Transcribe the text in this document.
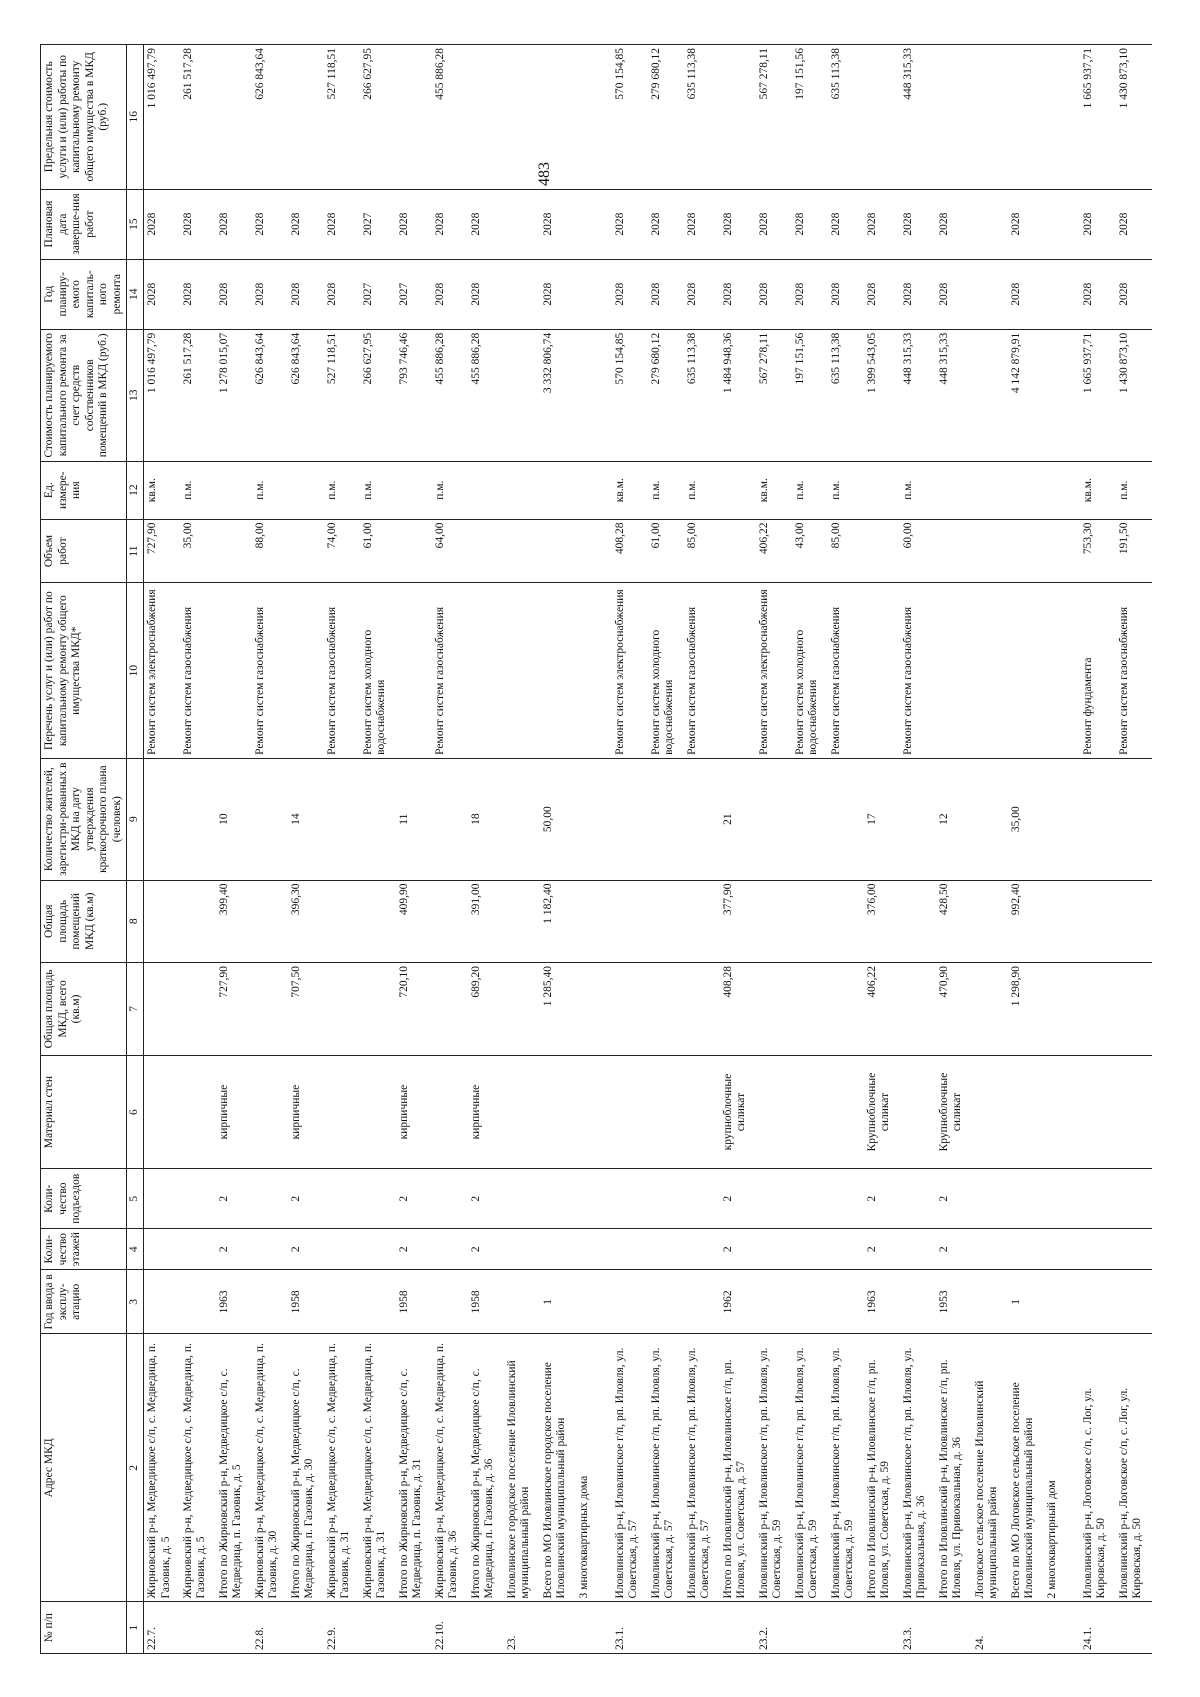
483
№ п/п	Адрес МКД	Год ввода в эксплу-атацию	Коли-чество этажей	Коли-чество подъездов	Материал стен	Общая площадь МКД, всего (кв.м)	Общая площадь помещений МКД (кв.м)	Количество жителей, зарегистри-рованных в МКД на дату утверждения краткосрочного плана (человек)	Перечень услуг и (или) работ по капитальному ремонту общего имущества МКД*	Объем работ	Ед. измере-ния	Стоимость планируемого капитального ремонта за счет средств собственников помещений в МКД (руб.)	Год планиру-емого капиталь-ного ремонта	Плановая дата заверше-ния работ	Предельная стоимость услуги и (или) работы по капитальному ремонту общего имущества в МКД (руб.)
1	2	3	4	5	6	7	8	9	10	11	12	13	14	15	16
22.7.	Жирновский р-н, Медведицкое с/п, с. Медведица, п. Газовик, д. 5								Ремонт систем электроснабжения	727,90	кв.м.	1 016 497,79	2028	2028	1 016 497,79
	Жирновский р-н, Медведицкое с/п, с. Медведица, п. Газовик, д. 5								Ремонт систем газоснабжения	35,00	п.м.	261 517,28	2028	2028	261 517,28
	Итого по Жирновский р-н, Медведицкое с/п, с. Медведица, п. Газовик, д. 5	1963	2	2	кирпичные	727,90	399,40	10				1 278 015,07	2028	2028	
22.8.	Жирновский р-н, Медведицкое с/п, с. Медведица, п. Газовик, д. 30								Ремонт систем газоснабжения	88,00	п.м.	626 843,64	2028	2028	626 843,64
	Итого по Жирновский р-н, Медведицкое с/п, с. Медведица, п. Газовик, д. 30	1958	2	2	кирпичные	707,50	396,30	14				626 843,64	2028	2028	
22.9.	Жирновский р-н, Медведицкое с/п, с. Медведица, п. Газовик, д. 31								Ремонт систем газоснабжения	74,00	п.м.	527 118,51	2028	2028	527 118,51
	Жирновский р-н, Медведицкое с/п, с. Медведица, п. Газовик, д. 31								Ремонт систем холодного водоснабжения	61,00	п.м.	266 627,95	2027	2027	266 627,95
	Итого по Жирновский р-н, Медведицкое с/п, с. Медведица, п. Газовик, д. 31	1958	2	2	кирпичные	720,10	409,90	11				793 746,46	2027	2028	
22.10.	Жирновский р-н, Медведицкое с/п, с. Медведица, п. Газовик, д. 36								Ремонт систем газоснабжения	64,00	п.м.	455 886,28	2028	2028	455 886,28
	Итого по Жирновский р-н, Медведицкое с/п, с. Медведица, п. Газовик, д. 36	1958	2	2	кирпичные	689,20	391,00	18				455 886,28	2028	2028	
23.	Иловлинское городское поселение Иловлинский муниципальный район														
	Всего по МО Иловлинское городское поселение Иловлинский муниципальный район	1				1 285,40	1 182,40	50,00				3 332 806,74	2028	2028	
	3 многоквартирных дома														
23.1.	Иловлинский р-н, Иловлинское г/п, рп. Иловля, ул. Советская, д. 57								Ремонт систем электроснабжения	408,28	кв.м.	570 154,85	2028	2028	570 154,85
	Иловлинский р-н, Иловлинское г/п, рп. Иловля, ул. Советская, д. 57								Ремонт систем холодного водоснабжения	61,00	п.м.	279 680,12	2028	2028	279 680,12
	Иловлинский р-н, Иловлинское г/п, рп. Иловля, ул. Советская, д. 57								Ремонт систем газоснабжения	85,00	п.м.	635 113,38	2028	2028	635 113,38
	Итого по Иловлинский р-н, Иловлинское г/п, рп. Иловля, ул. Советская, д. 57	1962	2	2	крупноблочные силикат	408,28	377,90	21				1 484 948,36	2028	2028	
23.2.	Иловлинский р-н, Иловлинское г/п, рп. Иловля, ул. Советская, д. 59								Ремонт систем электроснабжения	406,22	кв.м.	567 278,11	2028	2028	567 278,11
	Иловлинский р-н, Иловлинское г/п, рп. Иловля, ул. Советская, д. 59								Ремонт систем холодного водоснабжения	43,00	п.м.	197 151,56	2028	2028	197 151,56
	Иловлинский р-н, Иловлинское г/п, рп. Иловля, ул. Советская, д. 59								Ремонт систем газоснабжения	85,00	п.м.	635 113,38	2028	2028	635 113,38
	Итого по Иловлинский р-н, Иловлинское г/п, рп. Иловля, ул. Советская, д. 59	1963	2	2	Крупноблочные силикат	406,22	376,00	17				1 399 543,05	2028	2028	
23.3.	Иловлинский р-н, Иловлинское г/п, рп. Иловля, ул. Привокзальная, д. 36								Ремонт систем газоснабжения	60,00	п.м.	448 315,33	2028	2028	448 315,33
	Итого по Иловлинский р-н, Иловлинское г/п, рп. Иловля, ул. Привокзальная, д. 36	1953	2	2	Крупноблочные силикат	470,90	428,50	12				448 315,33	2028	2028	
24.	Логовское сельское поселение Иловлинский муниципальный район														
	Всего по МО Логовское сельское поселение Иловлинский муниципальный район	1				1 298,90	992,40	35,00				4 142 879,91	2028	2028	
	2 многоквартирный дом														
24.1.	Иловлинский р-н, Логовское с/п, с. Лог, ул. Кировская, д. 50								Ремонт фундамента	753,30	кв.м.	1 665 937,71	2028	2028	1 665 937,71
	Иловлинский р-н, Логовское с/п, с. Лог, ул. Кировская, д. 50								Ремонт систем газоснабжения	191,50	п.м.	1 430 873,10	2028	2028	1 430 873,10
